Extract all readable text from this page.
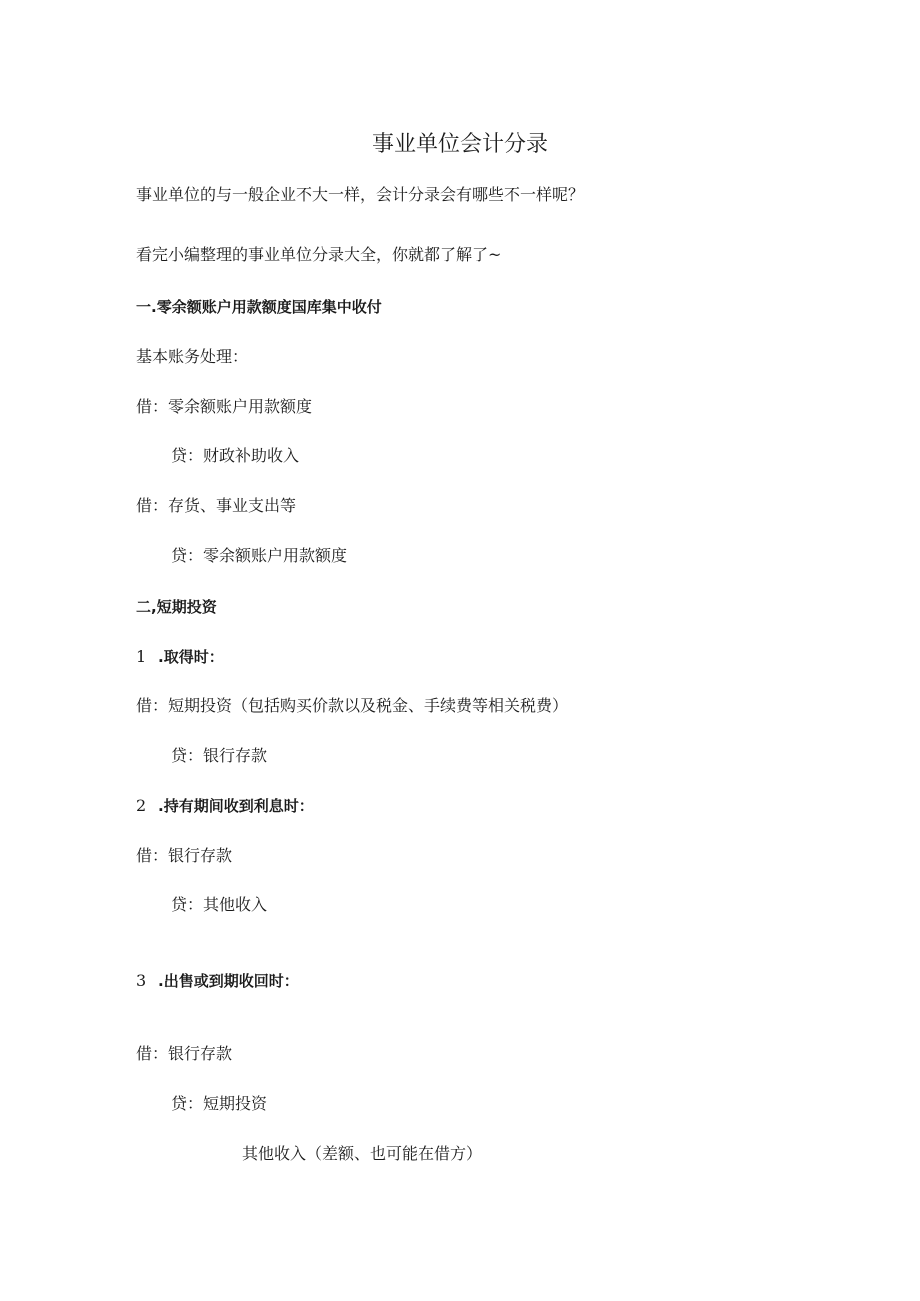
事业单位会计分录
事业单位的与一般企业不大一样，会计分录会有哪些不一样呢？
看完小编整理的事业单位分录大全，你就都了解了~
一.零余额账户用款额度国库集中收付
基本账务处理：
借：零余额账户用款额度
贷：财政补助收入
借：存货、事业支出等
贷：零余额账户用款额度
二,短期投资
1 .取得时：
借：短期投资（包括购买价款以及税金、手续费等相关税费）
贷：银行存款
2 .持有期间收到利息时：
借：银行存款
贷：其他收入
3 .出售或到期收回时：
借：银行存款
贷：短期投资
其他收入（差额、也可能在借方）
